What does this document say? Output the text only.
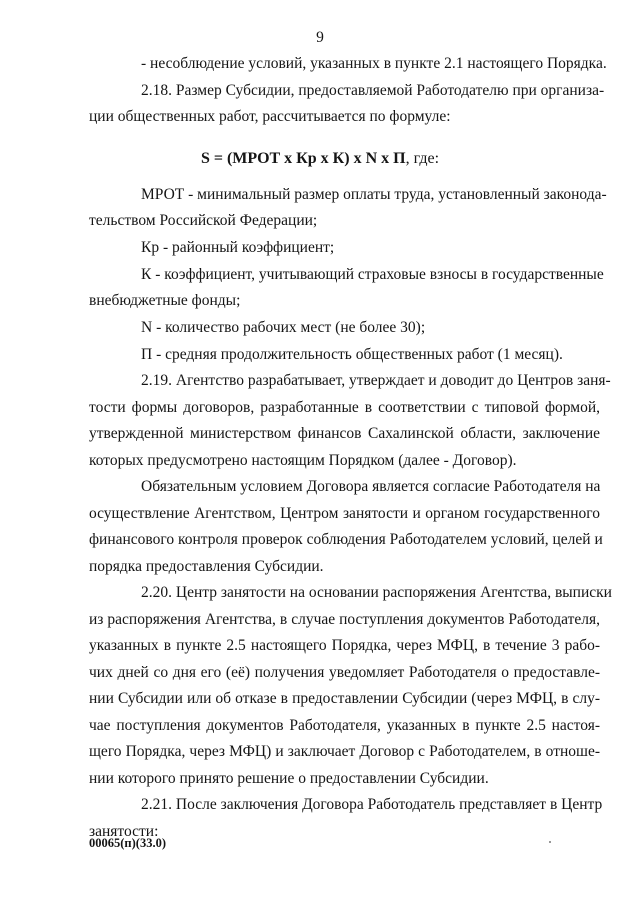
9

- несоблюдение условий, указанных в пункте 2.1 настоящего Порядка.

2.18. Размер Субсидии, предоставляемой Работодателю при организа-

ции общественных работ, рассчитывается по формуле:

МРОТ - минимальный размер оплаты труда, установленный законода-

тельством Российской Федерации;

Кр - районный коэффициент;

К - коэффициент, учитывающий страховые взносы в государственные

внебюджетные фонды;

N - количество рабочих мест (не более 30);

П - средняя продолжительность общественных работ (1 месяц).

2.19. Агентство разрабатывает, утверждает и доводит до Центров заня-

тости формы договоров, разработанные в соответствии с типовой формой,

утвержденной министерством финансов Сахалинской области, заключение

которых предусмотрено настоящим Порядком (далее - Договор).

Обязательным условием Договора является согласие Работодателя на

осуществление Агентством, Центром занятости и органом государственного

финансового контроля проверок соблюдения Работодателем условий, целей и

порядка предоставления Субсидии.

2.20. Центр занятости на основании распоряжения Агентства, выписки

из распоряжения Агентства, в случае поступления документов Работодателя,

указанных в пункте 2.5 настоящего Порядка, через МФЦ, в течение 3 рабо-

чих дней со дня его (её) получения уведомляет Работодателя о предоставле-

нии Субсидии или об отказе в предоставлении Субсидии (через МФЦ, в слу-

чае поступления документов Работодателя, указанных в пункте 2.5 настоя-

щего Порядка, через МФЦ) и заключает Договор с Работодателем, в отноше-

нии которого принято решение о предоставлении Субсидии.

2.21. После заключения Договора Работодатель представляет в Центр

занятости:

S = (МРОТ х Кр х К) х N х П, где:
00065(п)(33.0)
